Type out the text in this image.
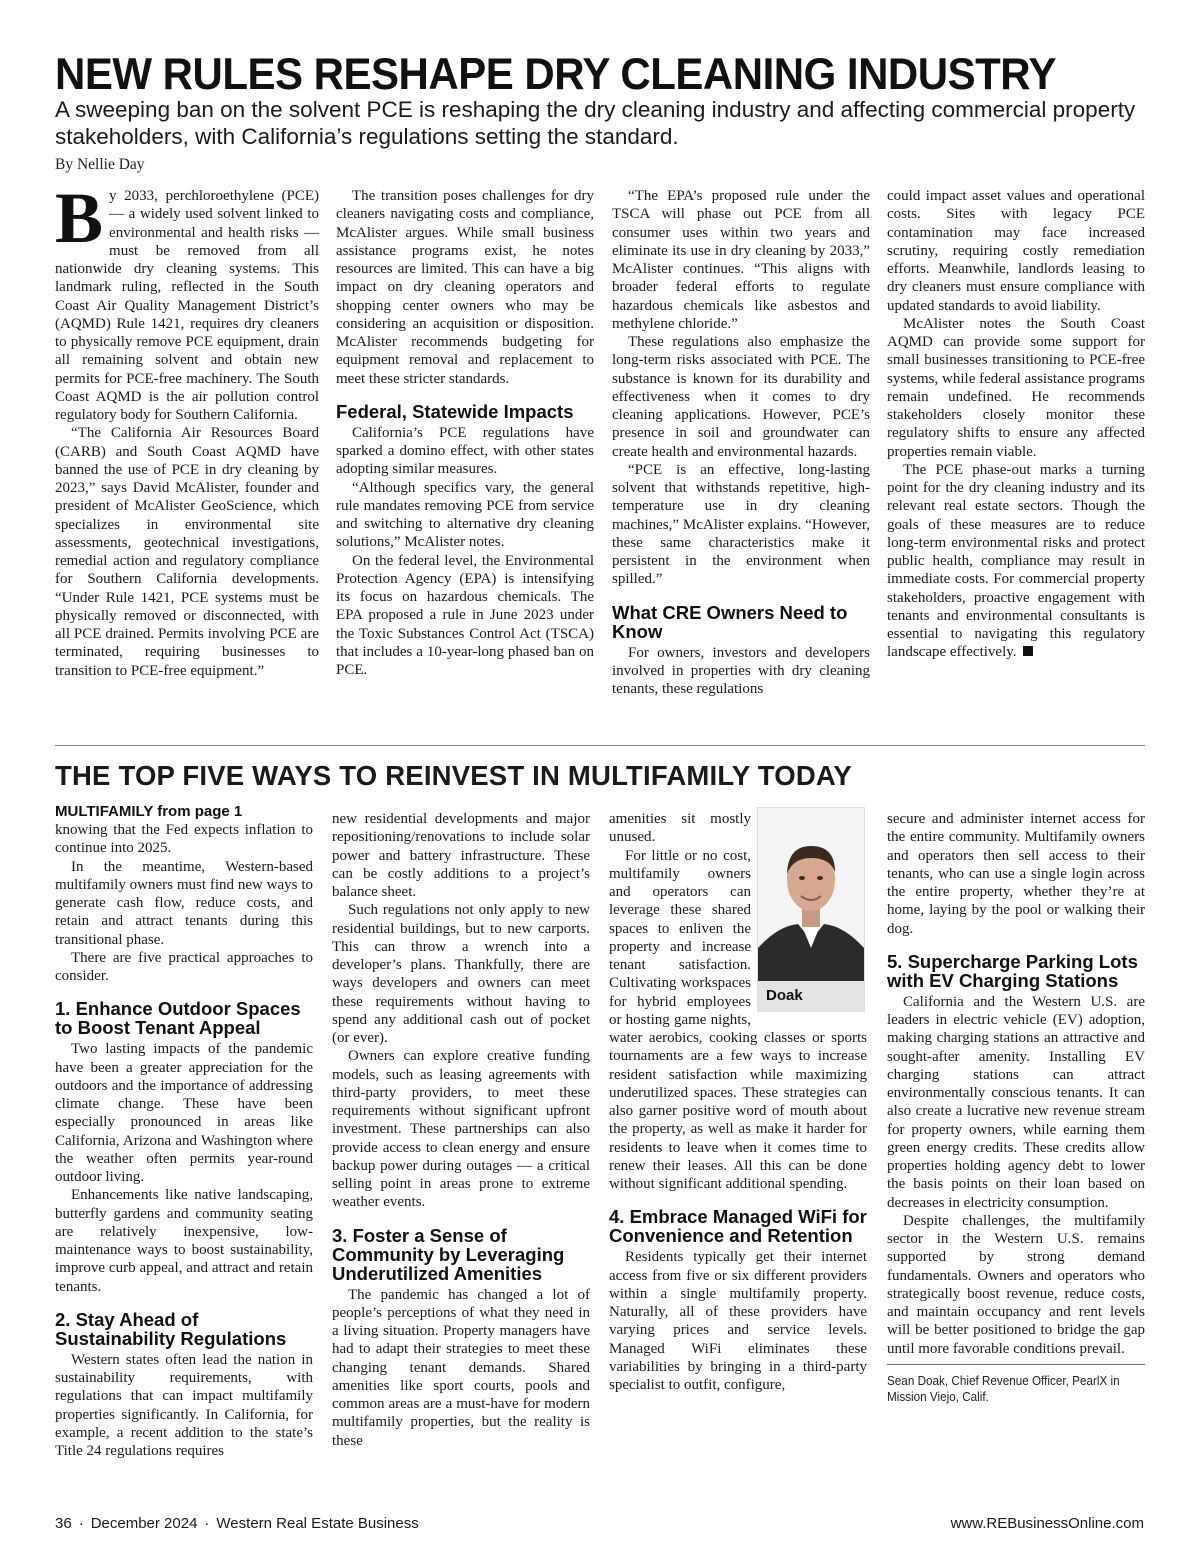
NEW RULES RESHAPE DRY CLEANING INDUSTRY

A sweeping ban on the solvent PCE is reshaping the dry cleaning industry and affecting commercial property stakeholders, with California’s regulations setting the standard.

By Nellie Day

By 2033, perchloroethylene (PCE) — a widely used solvent linked to environmental and health risks — must be removed from all nationwide dry cleaning systems. This landmark ruling, reflected in the South Coast Air Quality Management District’s (AQMD) Rule 1421, requires dry cleaners to physically remove PCE equipment, drain all remaining solvent and obtain new permits for PCE-free machinery. The South Coast AQMD is the air pollution control regulatory body for Southern California.

“The California Air Resources Board (CARB) and South Coast AQMD have banned the use of PCE in dry cleaning by 2023,” says David McAlister, founder and president of McAlister GeoScience, which specializes in environmental site assessments, geotechnical investigations, remedial action and regulatory compliance for Southern California developments. “Under Rule 1421, PCE systems must be physically removed or disconnected, with all PCE drained. Permits involving PCE are terminated, requiring businesses to transition to PCE-free equipment.”

The transition poses challenges for dry cleaners navigating costs and compliance, McAlister argues. While small business assistance programs exist, he notes resources are limited. This can have a big impact on dry cleaning operators and shopping center owners who may be considering an acquisition or disposition. McAlister recommends budgeting for equipment removal and replacement to meet these stricter standards.

Federal, Statewide Impacts

California’s PCE regulations have sparked a domino effect, with other states adopting similar measures.

“Although specifics vary, the general rule mandates removing PCE from service and switching to alternative dry cleaning solutions,” McAlister notes.

On the federal level, the Environmental Protection Agency (EPA) is intensifying its focus on hazardous chemicals. The EPA proposed a rule in June 2023 under the Toxic Substances Control Act (TSCA) that includes a 10-year-long phased ban on PCE.

“The EPA’s proposed rule under the TSCA will phase out PCE from all consumer uses within two years and eliminate its use in dry cleaning by 2033,” McAlister continues. “This aligns with broader federal efforts to regulate hazardous chemicals like asbestos and methylene chloride.”

These regulations also emphasize the long-term risks associated with PCE. The substance is known for its durability and effectiveness when it comes to dry cleaning applications. However, PCE’s presence in soil and groundwater can create health and environmental hazards.

“PCE is an effective, long-lasting solvent that withstands repetitive, high-temperature use in dry cleaning machines,” McAlister explains. “However, these same characteristics make it persistent in the environment when spilled.”

What CRE Owners Need to Know

For owners, investors and developers involved in properties with dry cleaning tenants, these regulations

could impact asset values and operational costs. Sites with legacy PCE contamination may face increased scrutiny, requiring costly remediation efforts. Meanwhile, landlords leasing to dry cleaners must ensure compliance with updated standards to avoid liability.

McAlister notes the South Coast AQMD can provide some support for small businesses transitioning to PCE-free systems, while federal assistance programs remain undefined. He recommends stakeholders closely monitor these regulatory shifts to ensure any affected properties remain viable.

The PCE phase-out marks a turning point for the dry cleaning industry and its relevant real estate sectors. Though the goals of these measures are to reduce long-term environmental risks and protect public health, compliance may result in immediate costs. For commercial property stakeholders, proactive engagement with tenants and environmental consultants is essential to navigating this regulatory landscape effectively.

THE TOP FIVE WAYS TO REINVEST IN MULTIFAMILY TODAY

MULTIFAMILY from page 1

knowing that the Fed expects inflation to continue into 2025.

In the meantime, Western-based multifamily owners must find new ways to generate cash flow, reduce costs, and retain and attract tenants during this transitional phase.

There are five practical approaches to consider.

1. Enhance Outdoor Spaces to Boost Tenant Appeal

Two lasting impacts of the pandemic have been a greater appreciation for the outdoors and the importance of addressing climate change. These have been especially pronounced in areas like California, Arizona and Washington where the weather often permits year-round outdoor living.

Enhancements like native landscaping, butterfly gardens and community seating are relatively inexpensive, low-maintenance ways to boost sustainability, improve curb appeal, and attract and retain tenants.

2. Stay Ahead of Sustainability Regulations

Western states often lead the nation in sustainability requirements, with regulations that can impact multifamily properties significantly. In California, for example, a recent addition to the state’s Title 24 regulations requires

new residential developments and major repositioning/renovations to include solar power and battery infrastructure. These can be costly additions to a project’s balance sheet.

Such regulations not only apply to new residential buildings, but to new carports. This can throw a wrench into a developer’s plans. Thankfully, there are ways developers and owners can meet these requirements without having to spend any additional cash out of pocket (or ever).

Owners can explore creative funding models, such as leasing agreements with third-party providers, to meet these requirements without significant upfront investment. These partnerships can also provide access to clean energy and ensure backup power during outages — a critical selling point in areas prone to extreme weather events.

3. Foster a Sense of Community by Leveraging Underutilized Amenities

The pandemic has changed a lot of people’s perceptions of what they need in a living situation. Property managers have had to adapt their strategies to meet these changing tenant demands. Shared amenities like sport courts, pools and common areas are a must-have for modern multifamily properties, but the reality is these

amenities sit mostly unused.

For little or no cost, multifamily owners and operators can leverage these shared spaces to enliven the property and increase tenant satisfaction. Cultivating workspaces for hybrid employees or hosting game nights, water aerobics, cooking classes or sports tournaments are a few ways to increase resident satisfaction while maximizing underutilized spaces. These strategies can also garner positive word of mouth about the property, as well as make it harder for residents to leave when it comes time to renew their leases. All this can be done without significant additional spending.

4. Embrace Managed WiFi for Convenience and Retention

Residents typically get their internet access from five or six different providers within a single multifamily property. Naturally, all of these providers have varying prices and service levels. Managed WiFi eliminates these variabilities by bringing in a third-party specialist to outfit, configure,

Doak

secure and administer internet access for the entire community. Multifamily owners and operators then sell access to their tenants, who can use a single login across the entire property, whether they’re at home, laying by the pool or walking their dog.

5. Supercharge Parking Lots with EV Charging Stations

California and the Western U.S. are leaders in electric vehicle (EV) adoption, making charging stations an attractive and sought-after amenity. Installing EV charging stations can attract environmentally conscious tenants. It can also create a lucrative new revenue stream for property owners, while earning them green energy credits. These credits allow properties holding agency debt to lower the basis points on their loan based on decreases in electricity consumption.

Despite challenges, the multifamily sector in the Western U.S. remains supported by strong demand fundamentals. Owners and operators who strategically boost revenue, reduce costs, and maintain occupancy and rent levels will be better positioned to bridge the gap until more favorable conditions prevail.

Sean Doak, Chief Revenue Officer, PearlX in Mission Viejo, Calif.

36 · December 2024 · Western Real Estate Business	www.REBusinessOnline.com
